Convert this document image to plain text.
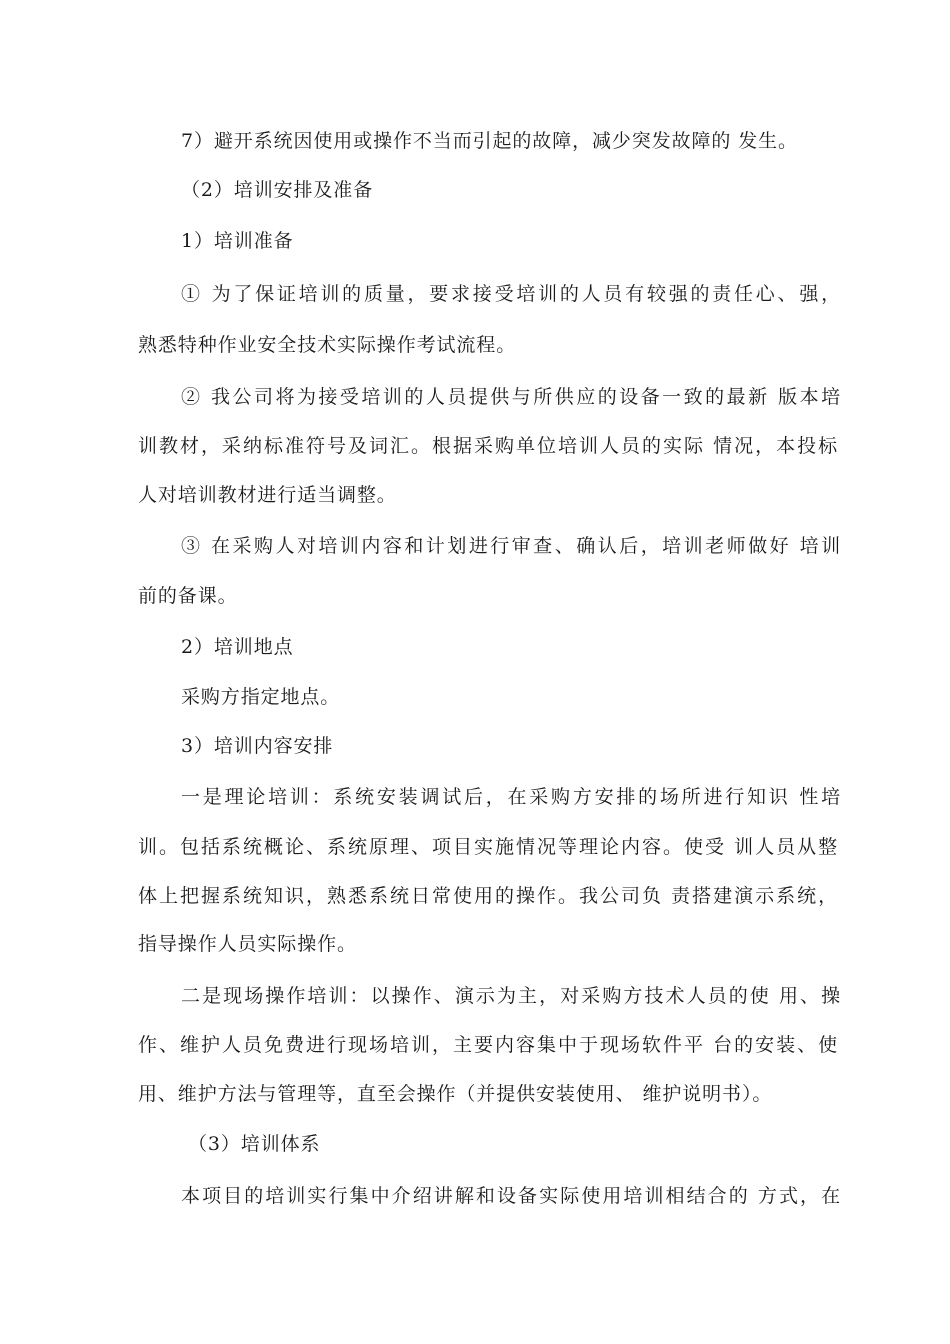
7）避开系统因使用或操作不当而引起的故障，减少突发故障的 发生。
（2）培训安排及准备
1）培训准备
① 为了保证培训的质量，要求接受培训的人员有较强的责任心、强，
熟悉特种作业安全技术实际操作考试流程。
② 我公司将为接受培训的人员提供与所供应的设备一致的最新 版本培
训教材，采纳标准符号及词汇。根据采购单位培训人员的实际 情况，本投标
人对培训教材进行适当调整。
③ 在采购人对培训内容和计划进行审查、确认后，培训老师做好 培训
前的备课。
2）培训地点
采购方指定地点。
3）培训内容安排
一是理论培训：系统安装调试后，在采购方安排的场所进行知识 性培
训。包括系统概论、系统原理、项目实施情况等理论内容。使受 训人员从整
体上把握系统知识，熟悉系统日常使用的操作。我公司负 责搭建演示系统，
指导操作人员实际操作。
二是现场操作培训：以操作、演示为主，对采购方技术人员的使 用、操
作、维护人员免费进行现场培训，主要内容集中于现场软件平 台的安装、使
用、维护方法与管理等，直至会操作（并提供安装使用、 维护说明书）。
（3）培训体系
本项目的培训实行集中介绍讲解和设备实际使用培训相结合的 方式，在
